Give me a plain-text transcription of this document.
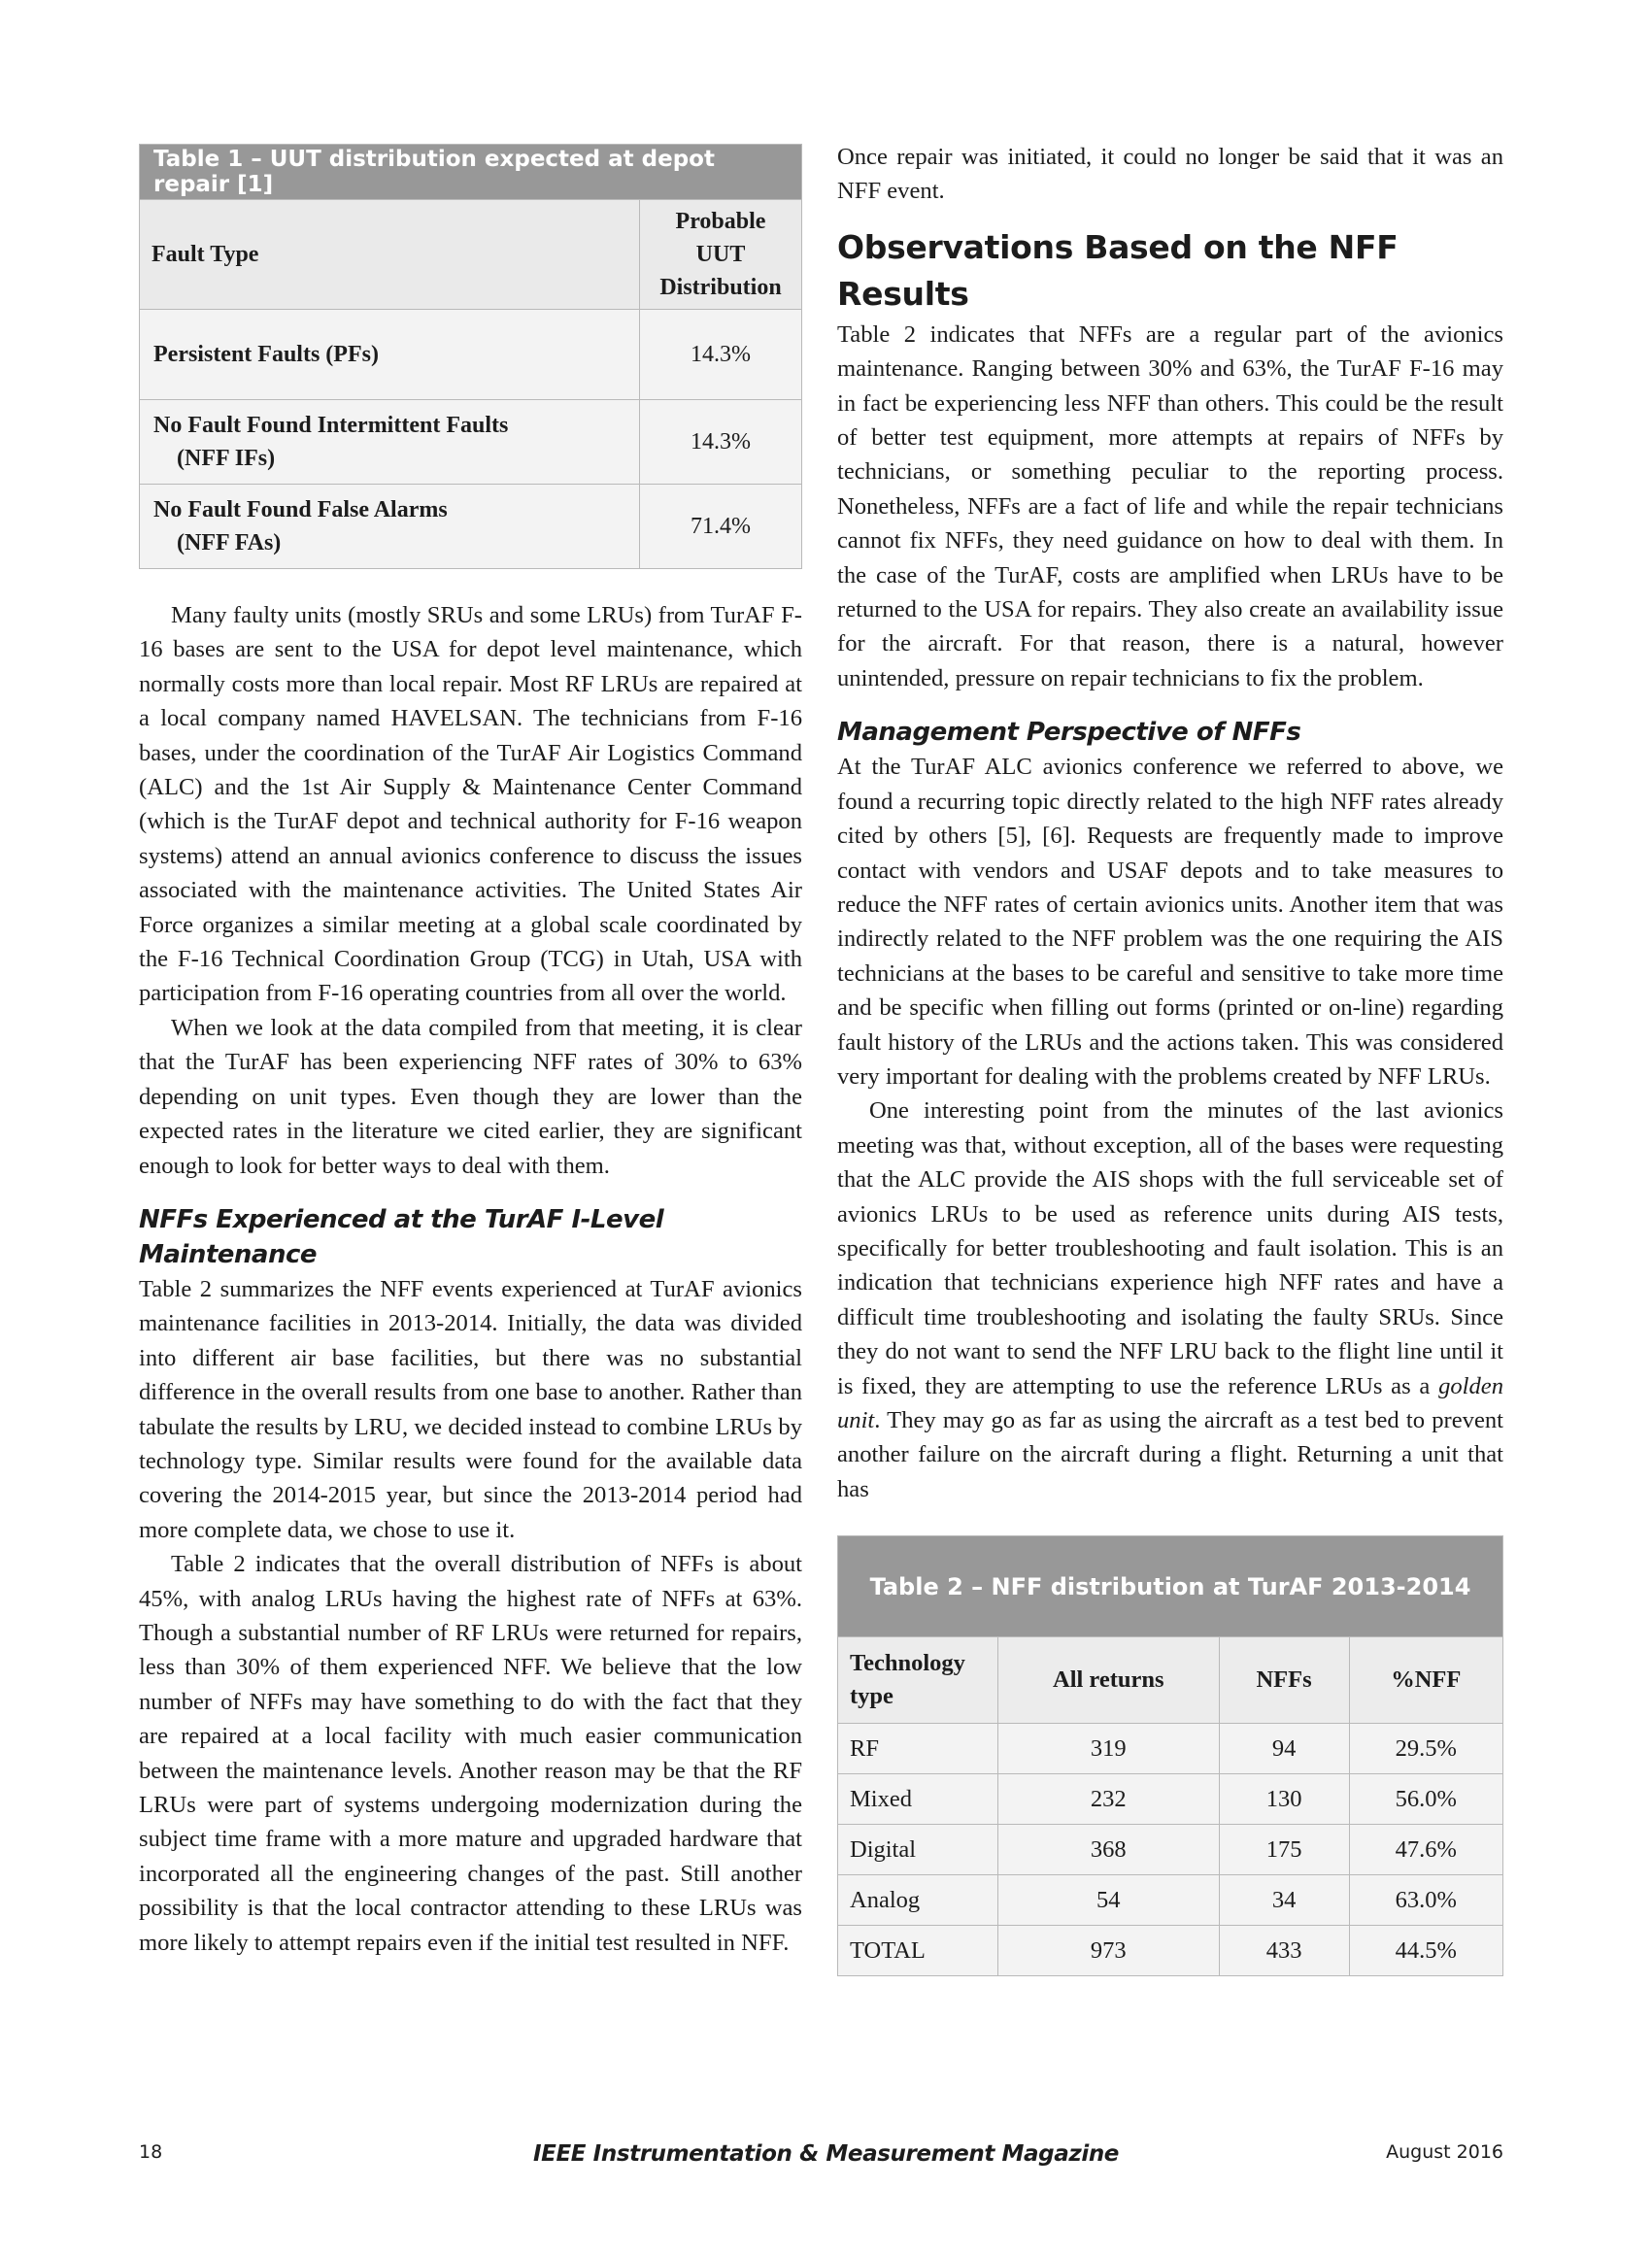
Table 1 – UUT distribution expected at depot repair [1]	
Fault Type	Probable UUT
Distribution
Persistent Faults (PFs)	14.3%
No Fault Found Intermittent Faults
(NFF IFs)	14.3%
No Fault Found False Alarms
(NFF FAs)	71.4%

Many faulty units (mostly SRUs and some LRUs) from TurAF F-16 bases are sent to the USA for depot level maintenance, which normally costs more than local repair. Most RF LRUs are repaired at a local company named HAVELSAN. The technicians from F-16 bases, under the coordination of the TurAF Air Logistics Command (ALC) and the 1st Air Supply & Maintenance Center Command (which is the TurAF depot and technical authority for F-16 weapon systems) attend an annual avionics conference to discuss the issues associated with the maintenance activities. The United States Air Force organizes a similar meeting at a global scale coordinated by the F-16 Technical Coordination Group (TCG) in Utah, USA with participation from F-16 operating countries from all over the world.

When we look at the data compiled from that meeting, it is clear that the TurAF has been experiencing NFF rates of 30% to 63% depending on unit types. Even though they are lower than the expected rates in the literature we cited earlier, they are significant enough to look for better ways to deal with them.

NFFs Experienced at the TurAF I-Level Maintenance

Table 2 summarizes the NFF events experienced at TurAF avionics maintenance facilities in 2013-2014. Initially, the data was divided into different air base facilities, but there was no substantial difference in the overall results from one base to another. Rather than tabulate the results by LRU, we decided instead to combine LRUs by technology type. Similar results were found for the available data covering the 2014-2015 year, but since the 2013-2014 period had more complete data, we chose to use it.

Table 2 indicates that the overall distribution of NFFs is about 45%, with analog LRUs having the highest rate of NFFs at 63%. Though a substantial number of RF LRUs were returned for repairs, less than 30% of them experienced NFF. We believe that the low number of NFFs may have something to do with the fact that they are repaired at a local facility with much easier communication between the maintenance levels. Another reason may be that the RF LRUs were part of systems undergoing modernization during the subject time frame with a more mature and upgraded hardware that incorporated all the engineering changes of the past. Still another possibility is that the local contractor attending to these LRUs was more likely to attempt repairs even if the initial test resulted in NFF.

Once repair was initiated, it could no longer be said that it was an NFF event.

Observations Based on the NFF Results

Table 2 indicates that NFFs are a regular part of the avionics maintenance. Ranging between 30% and 63%, the TurAF F-16 may in fact be experiencing less NFF than others. This could be the result of better test equipment, more attempts at repairs of NFFs by technicians, or something peculiar to the reporting process. Nonetheless, NFFs are a fact of life and while the repair technicians cannot fix NFFs, they need guidance on how to deal with them. In the case of the TurAF, costs are amplified when LRUs have to be returned to the USA for repairs. They also create an availability issue for the aircraft. For that reason, there is a natural, however unintended, pressure on repair technicians to fix the problem.

Management Perspective of NFFs

At the TurAF ALC avionics conference we referred to above, we found a recurring topic directly related to the high NFF rates already cited by others [5], [6]. Requests are frequently made to improve contact with vendors and USAF depots and to take measures to reduce the NFF rates of certain avionics units. Another item that was indirectly related to the NFF problem was the one requiring the AIS technicians at the bases to be careful and sensitive to take more time and be specific when filling out forms (printed or on-line) regarding fault history of the LRUs and the actions taken. This was considered very important for dealing with the problems created by NFF LRUs.

One interesting point from the minutes of the last avionics meeting was that, without exception, all of the bases were requesting that the ALC provide the AIS shops with the full serviceable set of avionics LRUs to be used as reference units during AIS tests, specifically for better troubleshooting and fault isolation. This is an indication that technicians experience high NFF rates and have a difficult time troubleshooting and isolating the faulty SRUs. Since they do not want to send the NFF LRU back to the flight line until it is fixed, they are attempting to use the reference LRUs as a golden unit. They may go as far as using the aircraft as a test bed to prevent another failure on the aircraft during a flight. Returning a unit that has

Table 2 – NFF distribution at TurAF 2013-2014			
Technology
type	All returns	NFFs	%NFF
RF	319	94	29.5%
Mixed	232	130	56.0%
Digital	368	175	47.6%
Analog	54	34	63.0%
TOTAL	973	433	44.5%
18	IEEE Instrumentation & Measurement Magazine	August 2016
